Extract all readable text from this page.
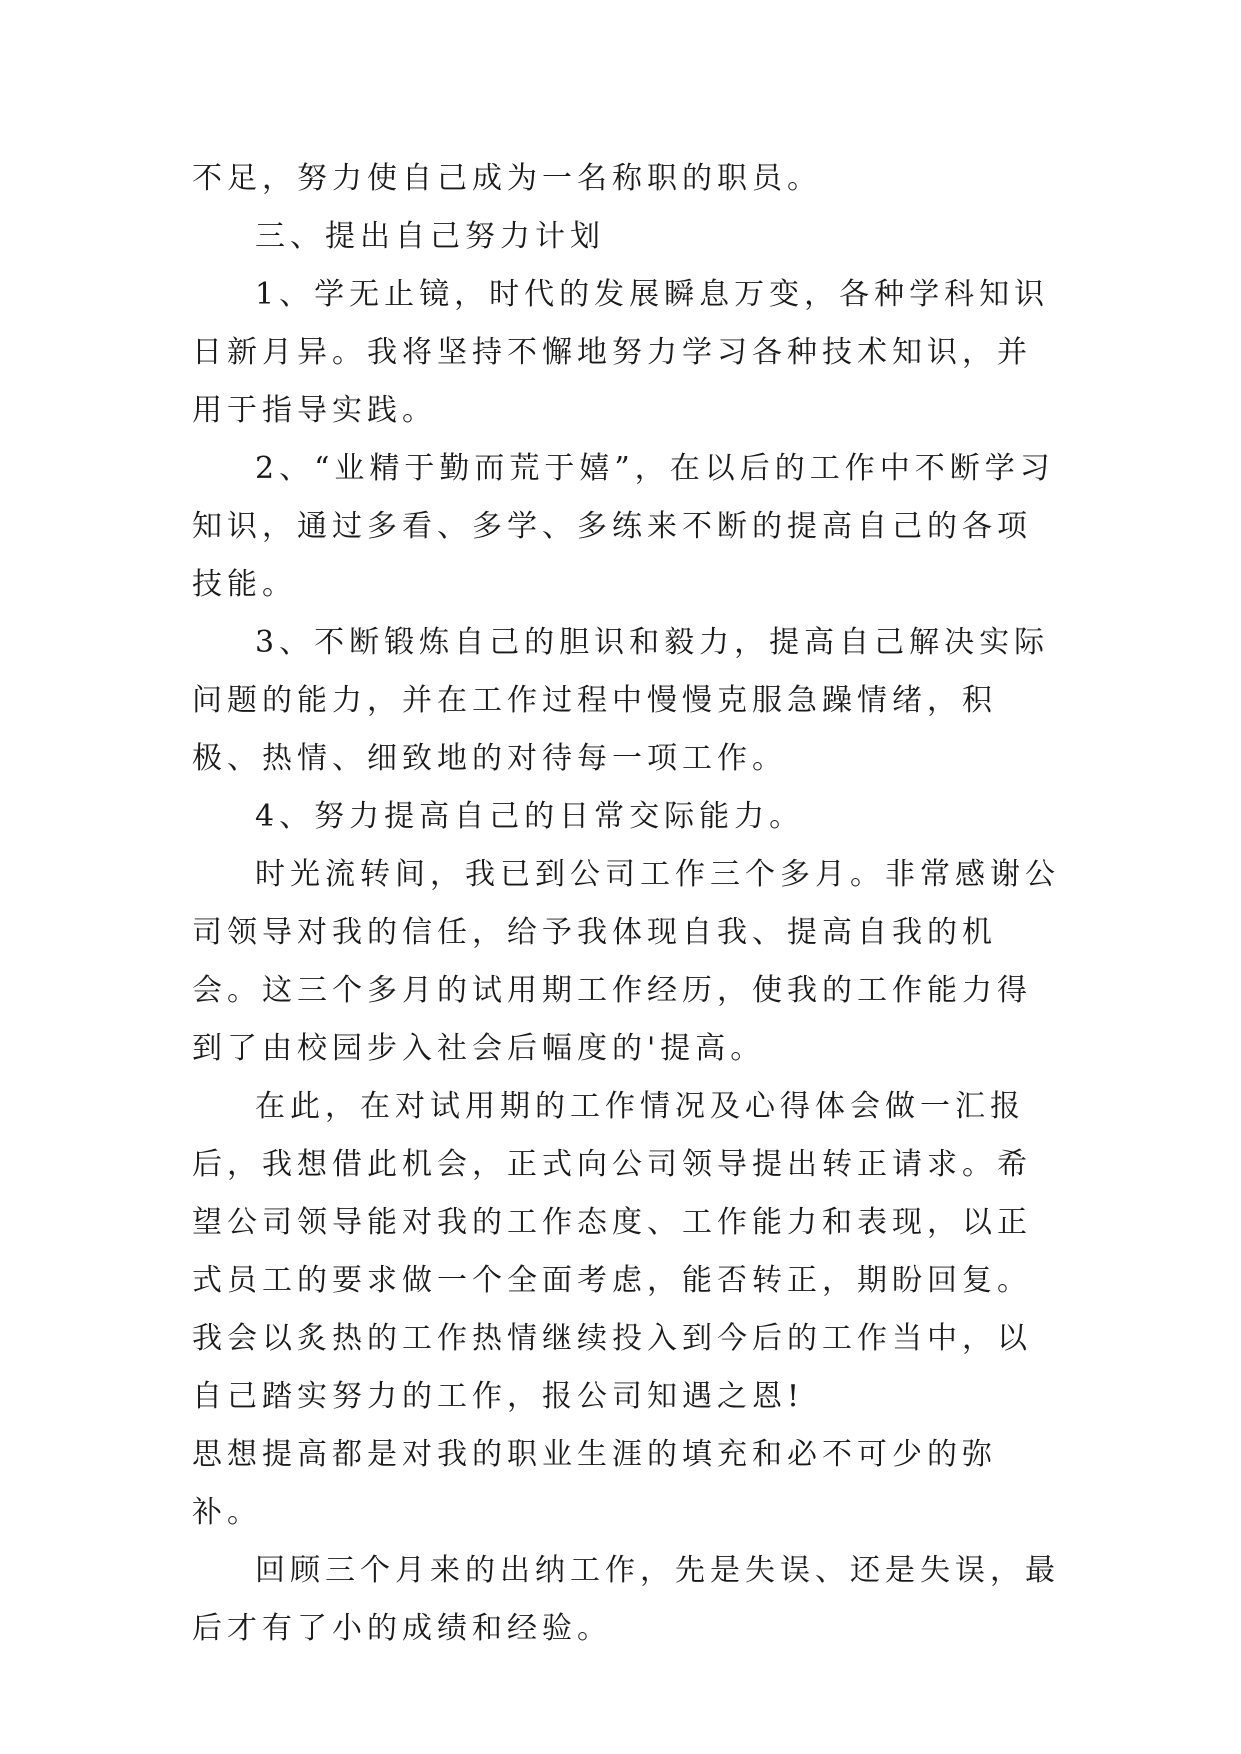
不足，努力使自己成为一名称职的职员。

三、提出自己努力计划

1、学无止镜，时代的发展瞬息万变，各种学科知识日新月异。我将坚持不懈地努力学习各种技术知识，并用于指导实践。

2、“业精于勤而荒于嬉”，在以后的工作中不断学习知识，通过多看、多学、多练来不断的提高自己的各项技能。

3、不断锻炼自己的胆识和毅力，提高自己解决实际问题的能力，并在工作过程中慢慢克服急躁情绪，积极、热情、细致地的对待每一项工作。

4、努力提高自己的日常交际能力。

时光流转间，我已到公司工作三个多月。非常感谢公司领导对我的信任，给予我体现自我、提高自我的机会。这三个多月的试用期工作经历，使我的工作能力得到了由校园步入社会后幅度的'提高。

在此，在对试用期的工作情况及心得体会做一汇报后，我想借此机会，正式向公司领导提出转正请求。希望公司领导能对我的工作态度、工作能力和表现，以正式员工的要求做一个全面考虑，能否转正，期盼回复。我会以炙热的工作热情继续投入到今后的工作当中，以自己踏实努力的工作，报公司知遇之恩!

思想提高都是对我的职业生涯的填充和必不可少的弥补。

回顾三个月来的出纳工作，先是失误、还是失误，最后才有了小的成绩和经验。
